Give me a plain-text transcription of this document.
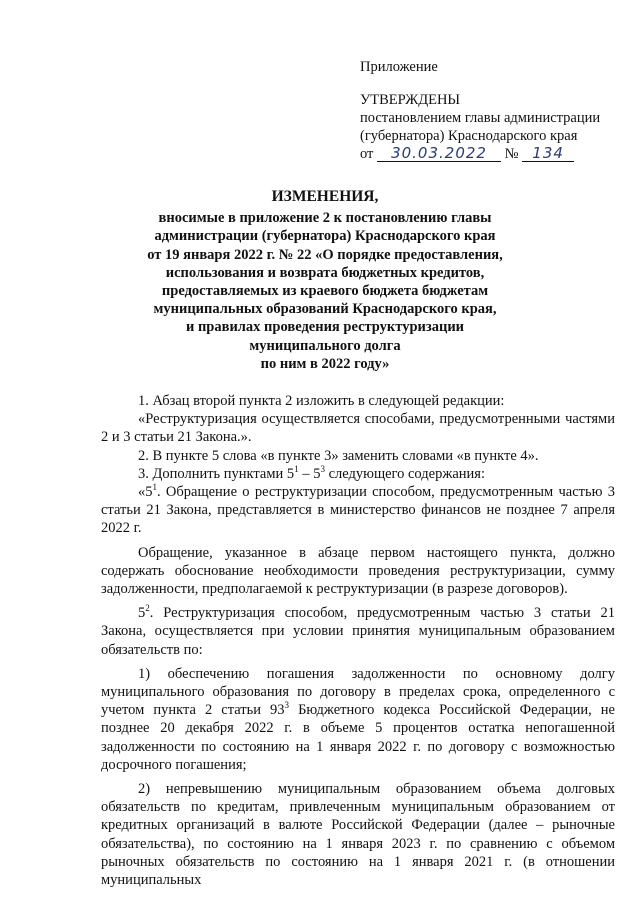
Приложение
УТВЕРЖДЕНЫ
постановлением главы администрации
(губернатора) Краснодарского края
от 30.03.2022 № 134
ИЗМЕНЕНИЯ,
вносимые в приложение 2 к постановлению главы
администрации (губернатора) Краснодарского края
от 19 января 2022 г. № 22 «О порядке предоставления,
использования и возврата бюджетных кредитов,
предоставляемых из краевого бюджета бюджетам
муниципальных образований Краснодарского края,
и правилах проведения реструктуризации
муниципального долга
по ним в 2022 году»

1. Абзац второй пункта 2 изложить в следующей редакции:

«Реструктуризация осуществляется способами, предусмотренными частями 2 и 3 статьи 21 Закона.».

2. В пункте 5 слова «в пункте 3» заменить словами «в пункте 4».

3. Дополнить пунктами $5^1 - 5^3$ следующего содержания:

«$5^1$. Обращение о реструктуризации способом, предусмотренным частью 3 статьи 21 Закона, представляется в министерство финансов не позднее 7 апреля 2022 г.

Обращение, указанное в абзаце первом настоящего пункта, должно содержать обоснование необходимости проведения реструктуризации, сумму задолженности, предполагаемой к реструктуризации (в разрезе договоров).

$5^2$. Реструктуризация способом, предусмотренным частью 3 статьи 21 Закона, осуществляется при условии принятия муниципальным образованием обязательств по:

1) обеспечению погашения задолженности по основному долгу муниципального образования по договору в пределах срока, определенного с учетом пункта 2 статьи $93^3$ Бюджетного кодекса Российской Федерации, не позднее 20 декабря 2022 г. в объеме 5 процентов остатка непогашенной задолженности по состоянию на 1 января 2022 г. по договору с возможностью досрочного погашения;

2) непревышению муниципальным образованием объема долговых обязательств по кредитам, привлеченным муниципальным образованием от кредитных организаций в валюте Российской Федерации (далее – рыночные обязательства), по состоянию на 1 января 2023 г. по сравнению с объемом рыночных обязательств по состоянию на 1 января 2021 г. (в отношении муниципальных
